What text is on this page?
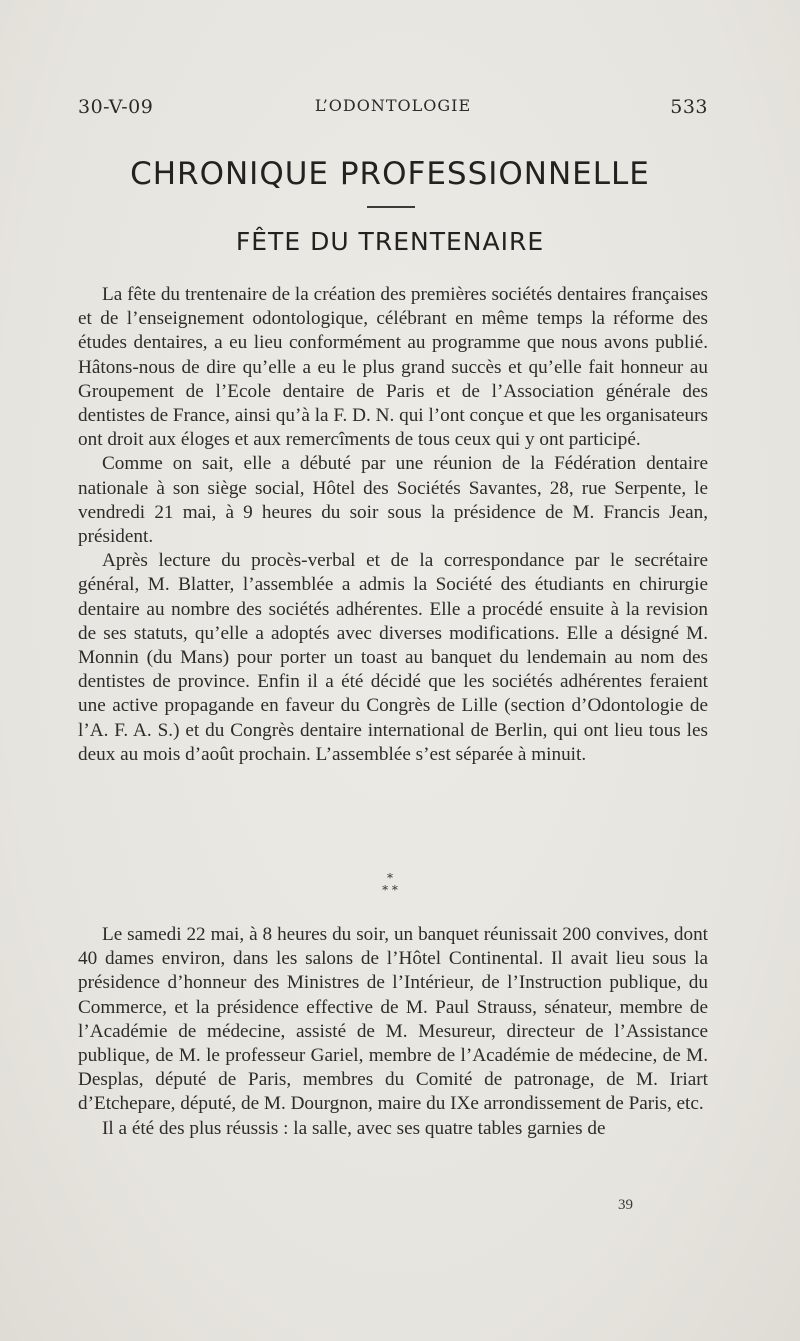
30-V-09	L’ODONTOLOGIE	533
CHRONIQUE PROFESSIONNELLE
FÊTE DU TRENTENAIRE

La fête du trentenaire de la création des premières sociétés dentaires françaises et de l’enseignement odontologique, célébrant en même temps la réforme des études dentaires, a eu lieu conformément au programme que nous avons publié. Hâtons-nous de dire qu’elle a eu le plus grand succès et qu’elle fait honneur au Groupement de l’Ecole dentaire de Paris et de l’Association générale des dentistes de France, ainsi qu’à la F. D. N. qui l’ont conçue et que les organisateurs ont droit aux éloges et aux remercîments de tous ceux qui y ont participé.

Comme on sait, elle a débuté par une réunion de la Fédération dentaire nationale à son siège social, Hôtel des Sociétés Savantes, 28, rue Serpente, le vendredi 21 mai, à 9 heures du soir sous la présidence de M. Francis Jean, président.

Après lecture du procès-verbal et de la correspondance par le secrétaire général, M. Blatter, l’assemblée a admis la Société des étudiants en chirurgie dentaire au nombre des sociétés adhérentes. Elle a procédé ensuite à la revision de ses statuts, qu’elle a adoptés avec diverses modifications. Elle a désigné M. Monnin (du Mans) pour porter un toast au banquet du lendemain au nom des dentistes de province. Enfin il a été décidé que les sociétés adhérentes feraient une active propagande en faveur du Congrès de Lille (section d’Odontologie de l’A. F. A. S.) et du Congrès dentaire international de Berlin, qui ont lieu tous les deux au mois d’août prochain. L’assemblée s’est séparée à minuit.

*
* *

Le samedi 22 mai, à 8 heures du soir, un banquet réunissait 200 convives, dont 40 dames environ, dans les salons de l’Hôtel Continental. Il avait lieu sous la présidence d’honneur des Ministres de l’Intérieur, de l’Instruction publique, du Commerce, et la présidence effective de M. Paul Strauss, sénateur, membre de l’Académie de médecine, assisté de M. Mesureur, directeur de l’Assistance publique, de M. le professeur Gariel, membre de l’Académie de médecine, de M. Desplas, député de Paris, membres du Comité de patronage, de M. Iriart d’Etchepare, député, de M. Dourgnon, maire du IXe arrondissement de Paris, etc.

Il a été des plus réussis : la salle, avec ses quatre tables garnies de

39
